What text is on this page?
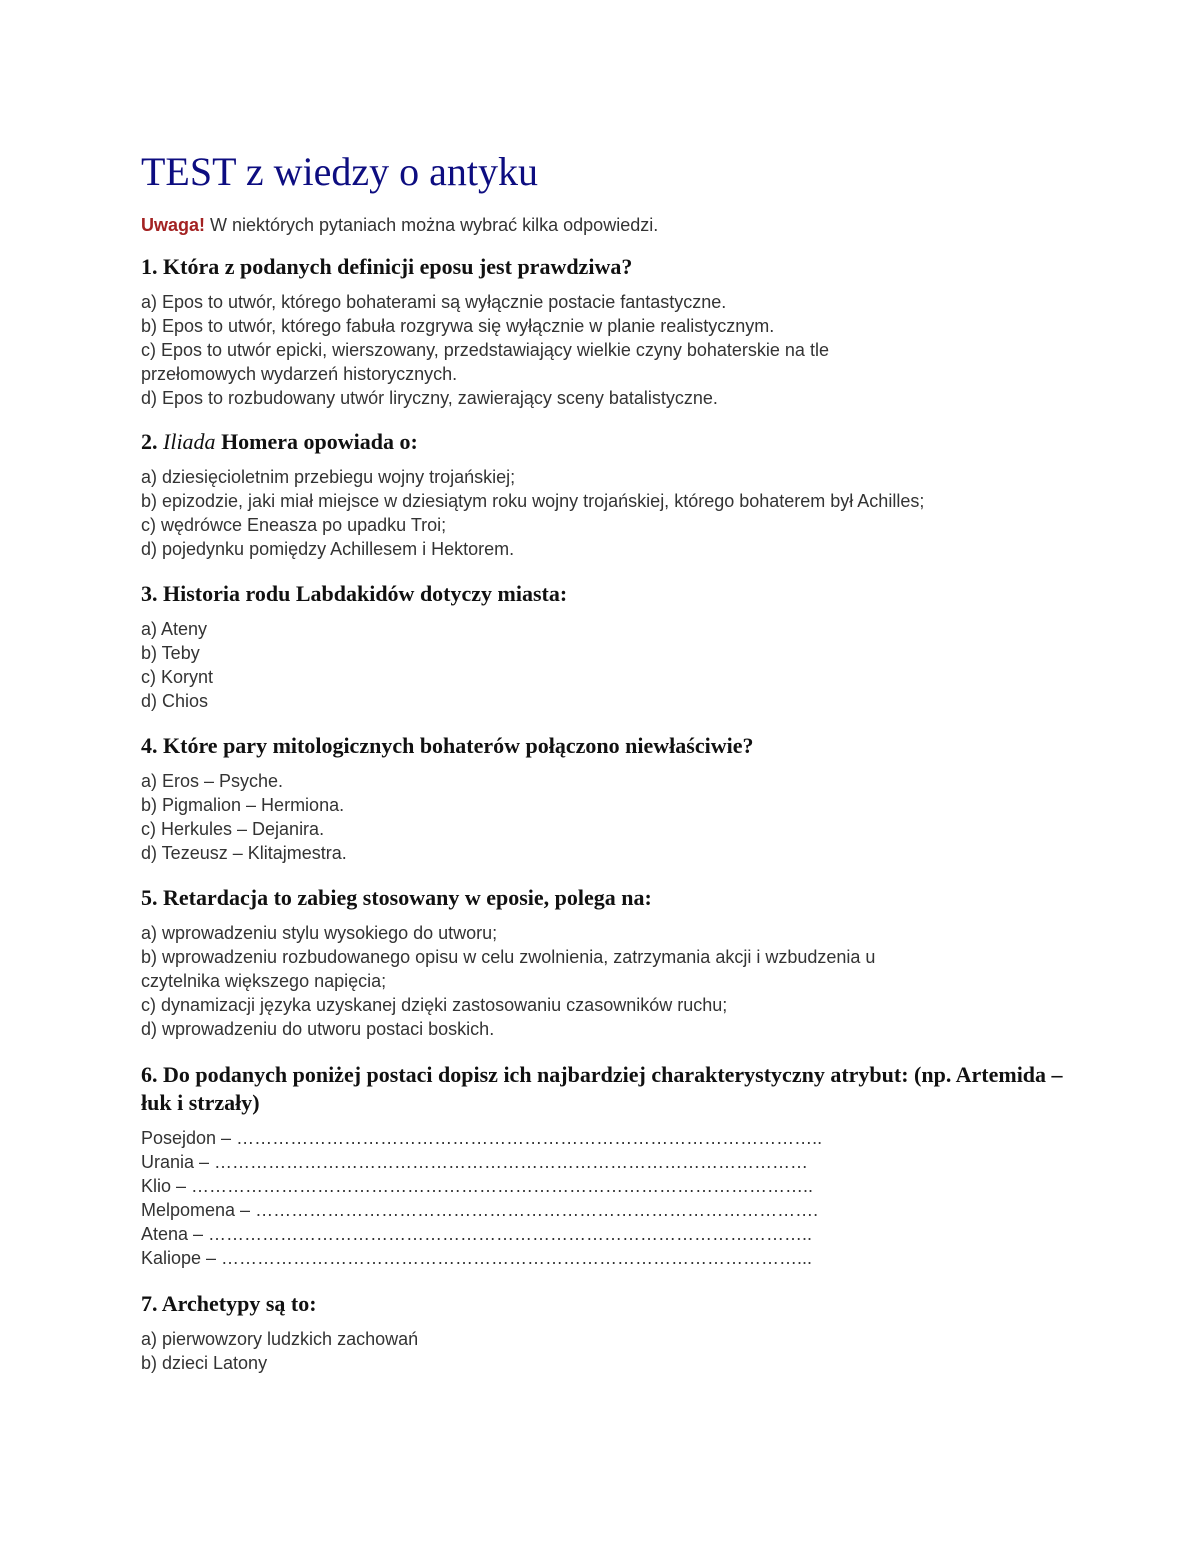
TEST z wiedzy o antyku
Uwaga! W niektórych pytaniach można wybrać kilka odpowiedzi.
1. Która z podanych definicji eposu jest prawdziwa?
a) Epos to utwór, którego bohaterami są wyłącznie postacie fantastyczne.
b) Epos to utwór, którego fabuła rozgrywa się wyłącznie w planie realistycznym.
c) Epos to utwór epicki, wierszowany, przedstawiający wielkie czyny bohaterskie na tle przełomowych wydarzeń historycznych.
d) Epos to rozbudowany utwór liryczny, zawierający sceny batalistyczne.
2. Iliada Homera opowiada o:
a) dziesięcioletnim przebiegu wojny trojańskiej;
b) epizodzie, jaki miał miejsce w dziesiątym roku wojny trojańskiej, którego bohaterem był Achilles;
c) wędrówce Eneasza po upadku Troi;
d) pojedynku pomiędzy Achillesem i Hektorem.
3. Historia rodu Labdakidów dotyczy miasta:
a) Ateny
b) Teby
c) Korynt
d) Chios
4. Które pary mitologicznych bohaterów połączono niewłaściwie?
a) Eros – Psyche.
b) Pigmalion – Hermiona.
c) Herkules – Dejanira.
d) Tezeusz – Klitajmestra.
5. Retardacja to zabieg stosowany w eposie, polega na:
a) wprowadzeniu stylu wysokiego do utworu;
b) wprowadzeniu rozbudowanego opisu w celu zwolnienia, zatrzymania akcji i wzbudzenia u czytelnika większego napięcia;
c) dynamizacji języka uzyskanej dzięki zastosowaniu czasowników ruchu;
d) wprowadzeniu do utworu postaci boskich.
6. Do podanych poniżej postaci dopisz ich najbardziej charakterystyczny atrybut: (np. Artemida – łuk i strzały)
Posejdon – ……………………………………………………………………………………..
Urania – ………………………………………………………………………………………
Klio – …………………………………………………………………………………………..
Melpomena – ………………………………………………………………………………….
Atena – ………………………………………………………………………………………..
Kaliope – ……………………………………………………………………………………...
7. Archetypy są to:
a) pierwowzory ludzkich zachowań
b) dzieci Latony
